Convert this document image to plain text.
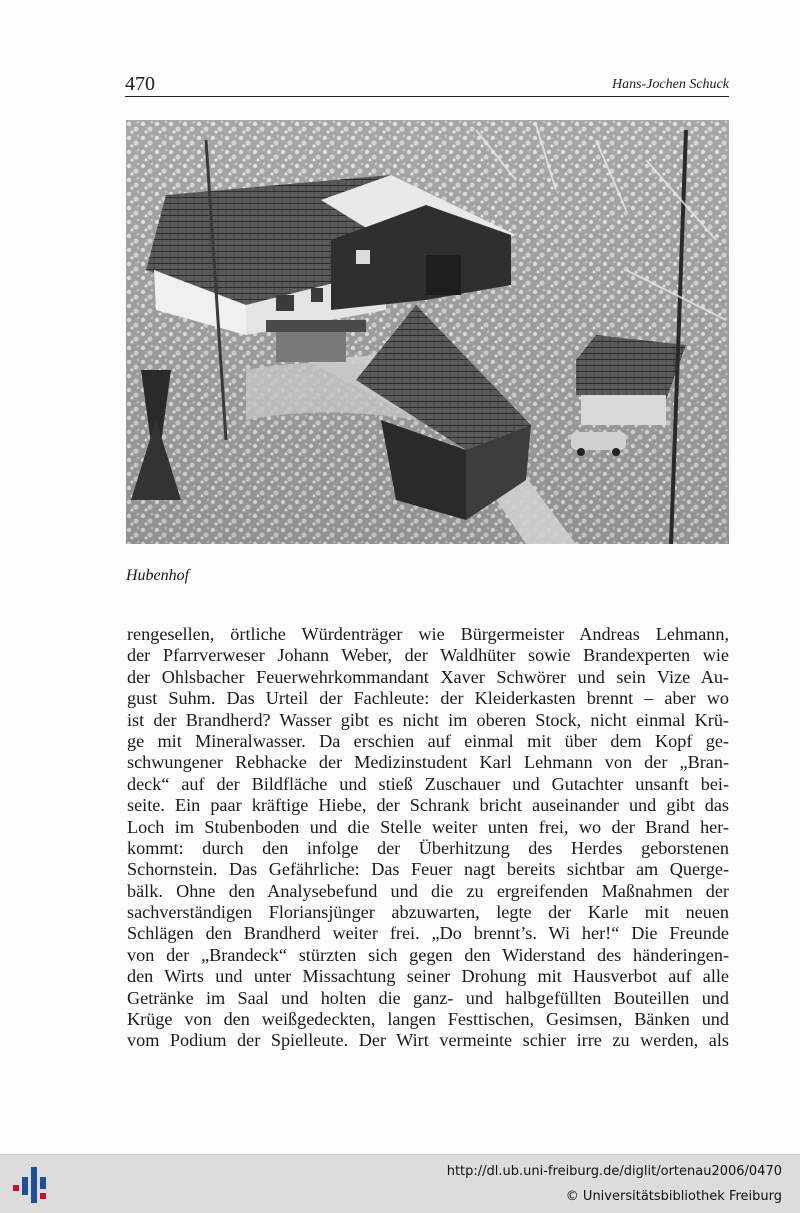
470	Hans-Jochen Schuck
Hubenhof
rengesellen, örtliche Würdenträger wie Bürgermeister Andreas Lehmann,
der Pfarrverweser Johann Weber, der Waldhüter sowie Brandexperten wie
der Ohlsbacher Feuerwehrkommandant Xaver Schwörer und sein Vize Au-
gust Suhm. Das Urteil der Fachleute: der Kleiderkasten brennt – aber wo
ist der Brandherd? Wasser gibt es nicht im oberen Stock, nicht einmal Krü-
ge mit Mineralwasser. Da erschien auf einmal mit über dem Kopf ge-
schwungener Rebhacke der Medizinstudent Karl Lehmann von der „Bran-
deck“ auf der Bildfläche und stieß Zuschauer und Gutachter unsanft bei-
seite. Ein paar kräftige Hiebe, der Schrank bricht auseinander und gibt das
Loch im Stubenboden und die Stelle weiter unten frei, wo der Brand her-
kommt: durch den infolge der Überhitzung des Herdes geborstenen
Schornstein. Das Gefährliche: Das Feuer nagt bereits sichtbar am Querge-
bälk. Ohne den Analysebefund und die zu ergreifenden Maßnahmen der
sachverständigen Floriansjünger abzuwarten, legte der Karle mit neuen
Schlägen den Brandherd weiter frei. „Do brennt’s. Wi her!“ Die Freunde
von der „Brandeck“ stürzten sich gegen den Widerstand des händeringen-
den Wirts und unter Missachtung seiner Drohung mit Hausverbot auf alle
Getränke im Saal und holten die ganz- und halbgefüllten Bouteillen und
Krüge von den weißgedeckten, langen Festtischen, Gesimsen, Bänken und
vom Podium der Spielleute. Der Wirt vermeinte schier irre zu werden, als
http://dl.ub.uni-freiburg.de/diglit/ortenau2006/0470
© Universitätsbibliothek Freiburg
